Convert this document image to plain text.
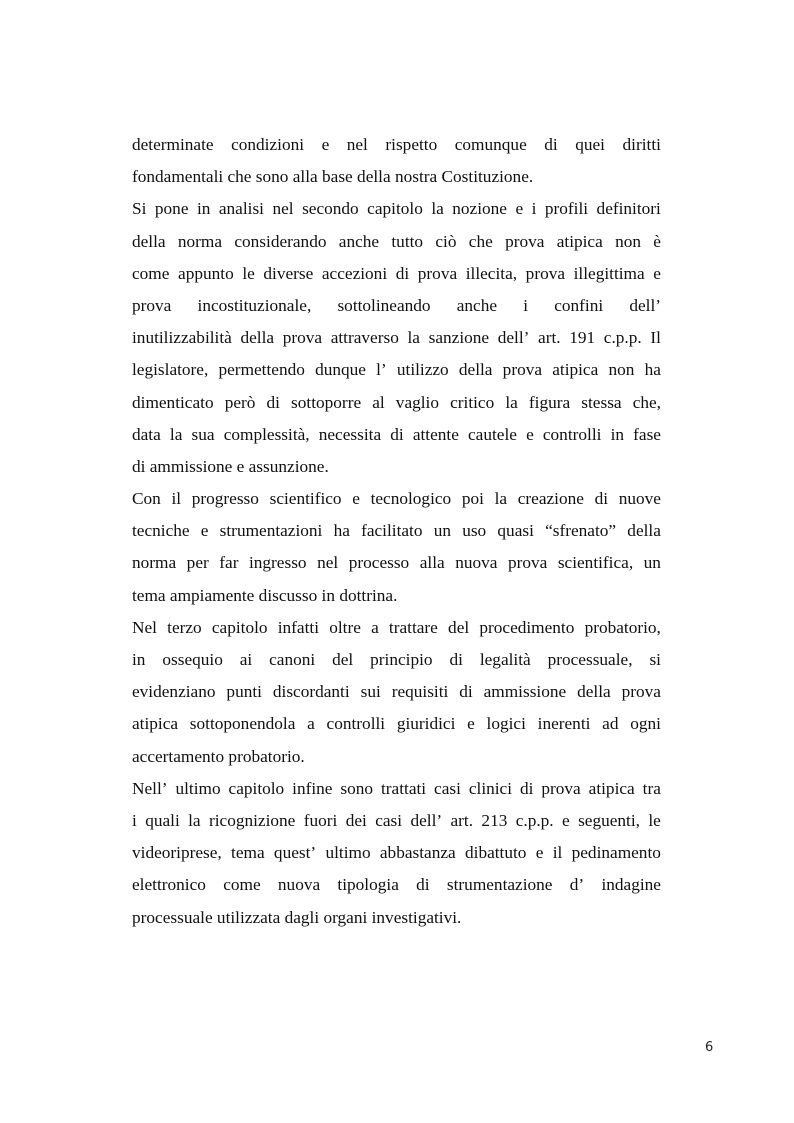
determinate condizioni e nel rispetto comunque di quei diritti
fondamentali che sono alla base della nostra Costituzione.
Si pone in analisi nel secondo capitolo la nozione e i profili definitori
della norma considerando anche tutto ciò che prova atipica non è
come appunto le diverse accezioni di prova illecita, prova illegittima e
prova incostituzionale, sottolineando anche i confini dell’
inutilizzabilità della prova attraverso la sanzione dell’ art. 191 c.p.p. Il
legislatore, permettendo dunque l’ utilizzo della prova atipica non ha
dimenticato però di sottoporre al vaglio critico la figura stessa che,
data la sua complessità, necessita di attente cautele e controlli in fase
di ammissione e assunzione.
Con il progresso scientifico e tecnologico poi la creazione di nuove
tecniche e strumentazioni ha facilitato un uso quasi “sfrenato” della
norma per far ingresso nel processo alla nuova prova scientifica, un
tema ampiamente discusso in dottrina.
Nel terzo capitolo infatti oltre a trattare del procedimento probatorio,
in ossequio ai canoni del principio di legalità processuale, si
evidenziano punti discordanti sui requisiti di ammissione della prova
atipica sottoponendola a controlli giuridici e logici inerenti ad ogni
accertamento probatorio.
Nell’ ultimo capitolo infine sono trattati casi clinici di prova atipica tra
i quali la ricognizione fuori dei casi dell’ art. 213 c.p.p. e seguenti, le
videoriprese, tema quest’ ultimo abbastanza dibattuto e il pedinamento
elettronico come nuova tipologia di strumentazione d’ indagine
processuale utilizzata dagli organi investigativi.
6
